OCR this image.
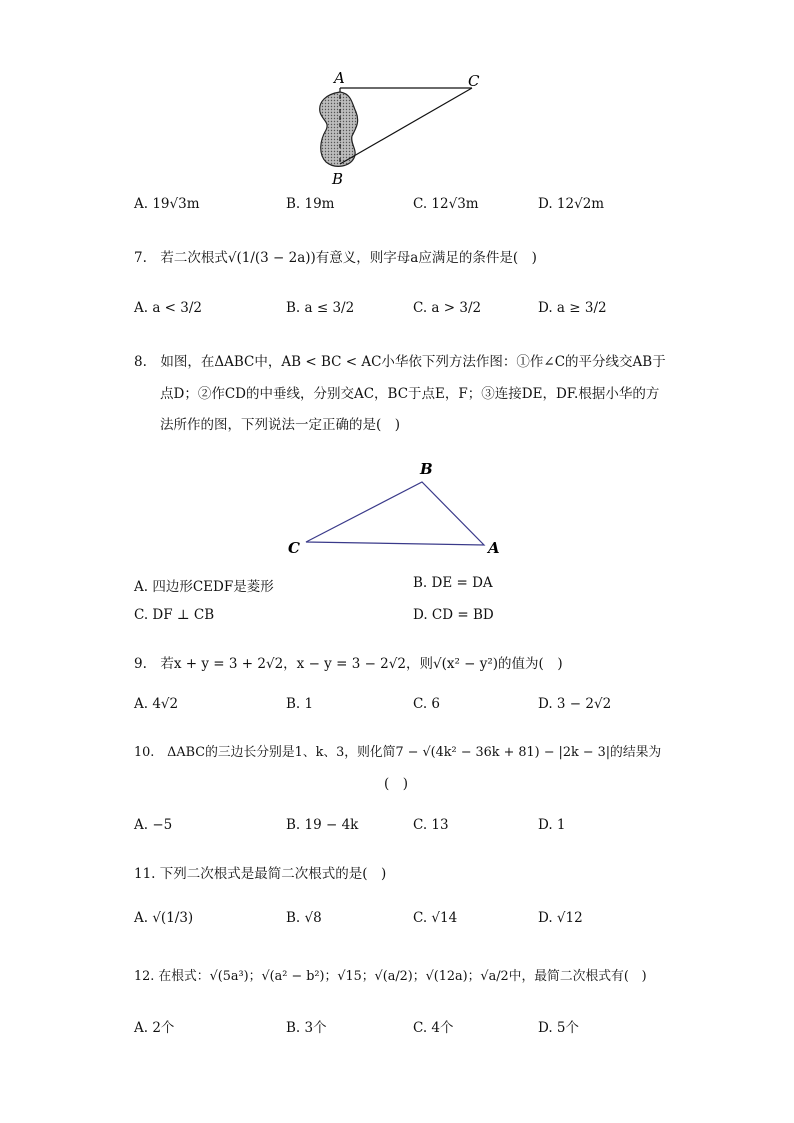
A	C
B
A. 19√3m	B. 19m	C. 12√3m	D. 12√2m
7.　若二次根式√(1/(3 − 2a))有意义，则字母a应满足的条件是(　)
A. a < 3/2	B. a ≤ 3/2	C. a > 3/2	D. a ≥ 3/2
8.　如图，在ΔABC中，AB < BC < AC小华依下列方法作图：①作∠C的平分线交AB于
点D；②作CD的中垂线，分别交AC，BC于点E，F；③连接DE，DF.根据小华的方
法所作的图，下列说法一定正确的是(　)
B
C	A
A. 四边形CEDF是菱形	B. DE = DA
C. DF ⊥ CB	D. CD = BD
9.　若x + y = 3 + 2√2，x − y = 3 − 2√2，则√(x² − y²)的值为(　)
A. 4√2	B. 1	C. 6	D. 3 − 2√2
10.　ΔABC的三边长分别是1、k、3，则化简7 − √(4k² − 36k + 81) − |2k − 3|的结果为
(　)
A. −5	B. 19 − 4k	C. 13	D. 1
11. 下列二次根式是最简二次根式的是(　)
A. √(1/3)	B. √8	C. √14	D. √12
12. 在根式：√(5a³)；√(a² − b²)；√15；√(a/2)；√(12a)；√a/2中，最简二次根式有(　)
A. 2个	B. 3个	C. 4个	D. 5个
